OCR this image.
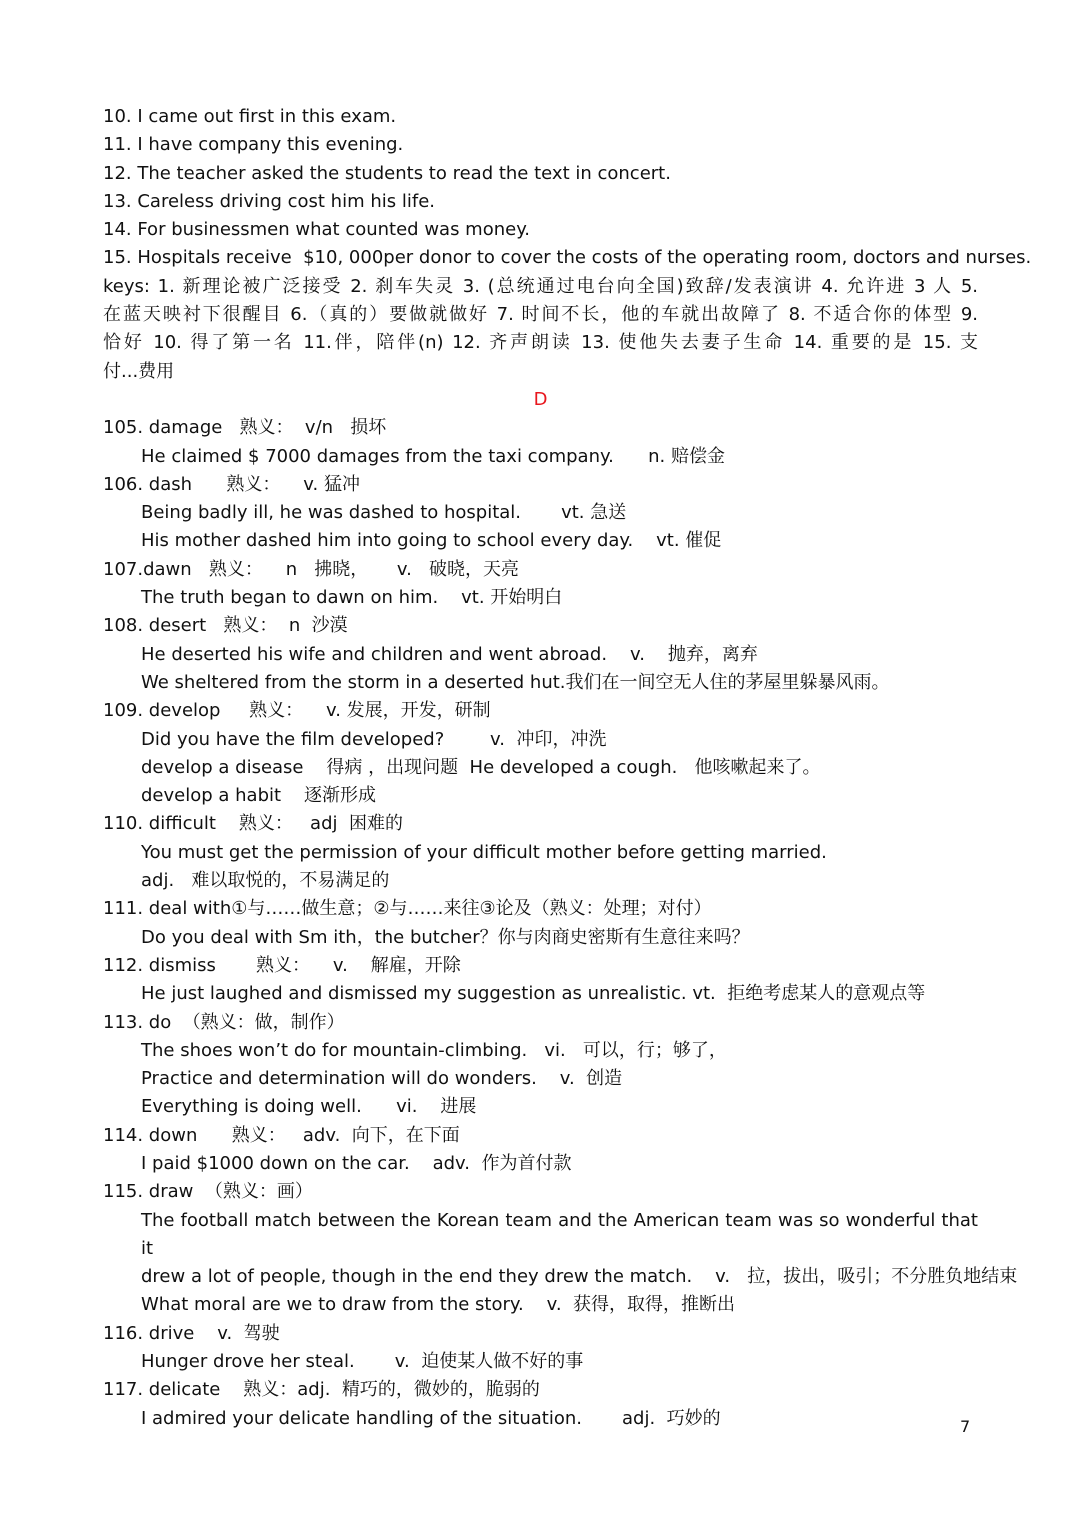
10. I came out first in this exam.
11. I have company this evening.
12. The teacher asked the students to read the text in concert.
13. Careless driving cost him his life.
14. For businessmen what counted was money.
15. Hospitals receive  $10, 000per donor to cover the costs of the operating room, doctors and nurses.
keys: 1. 新理论被广泛接受 2. 刹车失灵 3. (总统通过电台向全国)致辞/发表演讲 4. 允许进 3 人 5.
在蓝天映衬下很醒目 6.（真的）要做就做好 7. 时间不长，他的车就出故障了 8. 不适合你的体型 9.
恰好 10. 得了第一名 11.伴，陪伴(n) 12. 齐声朗读 13. 使他失去妻子生命 14. 重要的是 15. 支
付...费用
D
105. damage   熟义：  v/n   损坏
He claimed $ 7000 damages from the taxi company.      n. 赔偿金
106. dash      熟义：    v. 猛冲
Being badly ill, he was dashed to hospital.       vt. 急送
His mother dashed him into going to school every day.    vt. 催促
107.dawn   熟义：    n   拂晓，     v.   破晓，天亮
The truth began to dawn on him.    vt. 开始明白
108. desert   熟义：  n  沙漠
He deserted his wife and children and went abroad.    v.    抛弃，离弃
We sheltered from the storm in a deserted hut.我们在一间空无人住的茅屋里躲暴风雨。
109. develop     熟义：    v. 发展，开发，研制
Did you have the film developed?        v.  冲印，冲洗
develop a disease    得病 ，出现问题  He developed a cough.   他咳嗽起来了。
develop a habit    逐渐形成
110. difficult    熟义：   adj  困难的
You must get the permission of your difficult mother before getting married.
adj.   难以取悦的，不易满足的
111. deal with①与……做生意；②与……来往③论及（熟义：处理；对付）
Do you deal with Sm ith，the butcher？你与肉商史密斯有生意往来吗？
112. dismiss       熟义：    v.    解雇，开除
He just laughed and dismissed my suggestion as unrealistic. vt.  拒绝考虑某人的意观点等
113. do  （熟义：做，制作）
The shoes won’t do for mountain-climbing.   vi.   可以，行；够了，
Practice and determination will do wonders.    v.  创造
Everything is doing well.      vi.    进展
114. down      熟义：   adv.  向下，在下面
I paid $1000 down on the car.    adv.  作为首付款
115. draw  （熟义：画）
The football match between the Korean team and the American team was so wonderful that it
drew a lot of people, though in the end they drew the match.    v.   拉，拔出，吸引；不分胜负地结束
What moral are we to draw from the story.    v.  获得，取得，推断出
116. drive    v.  驾驶
Hunger drove her steal.       v.  迫使某人做不好的事
117. delicate    熟义：adj.  精巧的，微妙的，脆弱的
I admired your delicate handling of the situation.       adj.  巧妙的	7
